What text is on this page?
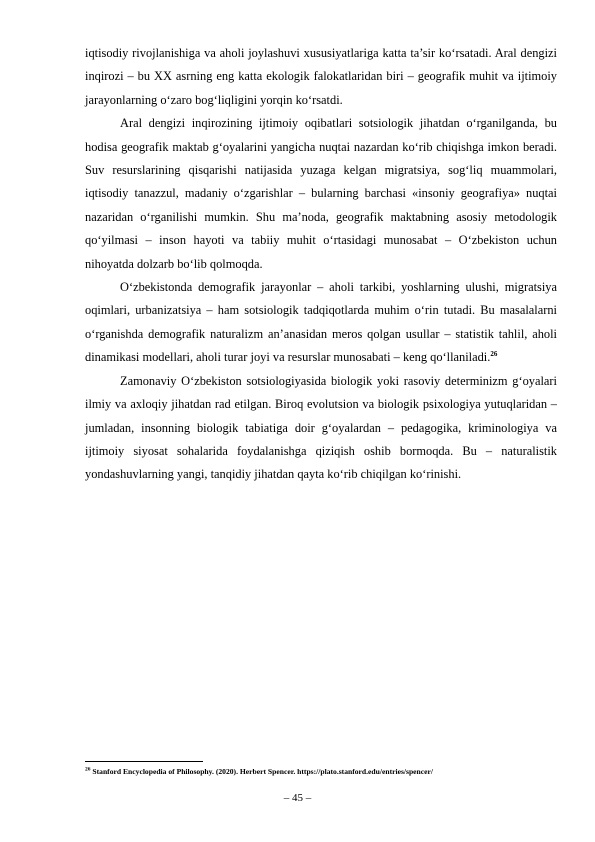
iqtisodiy rivojlanishiga va aholi joylashuvi xususiyatlariga katta ta’sir ko‘rsatadi. Aral dengizi inqirozi – bu XX asrning eng katta ekologik falokatlaridan biri – geografik muhit va ijtimoiy jarayonlarning o‘zaro bog‘liqligini yorqin ko‘rsatdi.

Aral dengizi inqirozining ijtimoiy oqibatlari sotsiologik jihatdan o‘rganilganda, bu hodisa geografik maktab g‘oyalarini yangicha nuqtai nazardan ko‘rib chiqishga imkon beradi. Suv resurslarining qisqarishi natijasida yuzaga kelgan migratsiya, sog‘liq muammolari, iqtisodiy tanazzul, madaniy o‘zgarishlar – bularning barchasi «insoniy geografiya» nuqtai nazaridan o‘rganilishi mumkin. Shu ma’noda, geografik maktabning asosiy metodologik qo‘yilmasi – inson hayoti va tabiiy muhit o‘rtasidagi munosabat – O‘zbekiston uchun nihoyatda dolzarb bo‘lib qolmoqda.

O‘zbekistonda demografik jarayonlar – aholi tarkibi, yoshlarning ulushi, migratsiya oqimlari, urbanizatsiya – ham sotsiologik tadqiqotlarda muhim o‘rin tutadi. Bu masalalarni o‘rganishda demografik naturalizm an’anasidan meros qolgan usullar – statistik tahlil, aholi dinamikasi modellari, aholi turar joyi va resurslar munosabati – keng qo‘llaniladi.$^{26}$

Zamonaviy O‘zbekiston sotsiologiyasida biologik yoki rasoviy determinizm g‘oyalari ilmiy va axloqiy jihatdan rad etilgan. Biroq evolutsion va biologik psixologiya yutuqlaridan – jumladan, insonning biologik tabiatiga doir g‘oyalardan – pedagogika, kriminologiya va ijtimoiy siyosat sohalarida foydalanishga qiziqish oshib bormoqda. Bu – naturalistik yondashuvlarning yangi, tanqidiy jihatdan qayta ko‘rib chiqilgan ko‘rinishi.

$^{26}$ Stanford Encyclopedia of Philosophy. (2020). Herbert Spencer. https://plato.stanford.edu/entries/spencer/
– 45 –
